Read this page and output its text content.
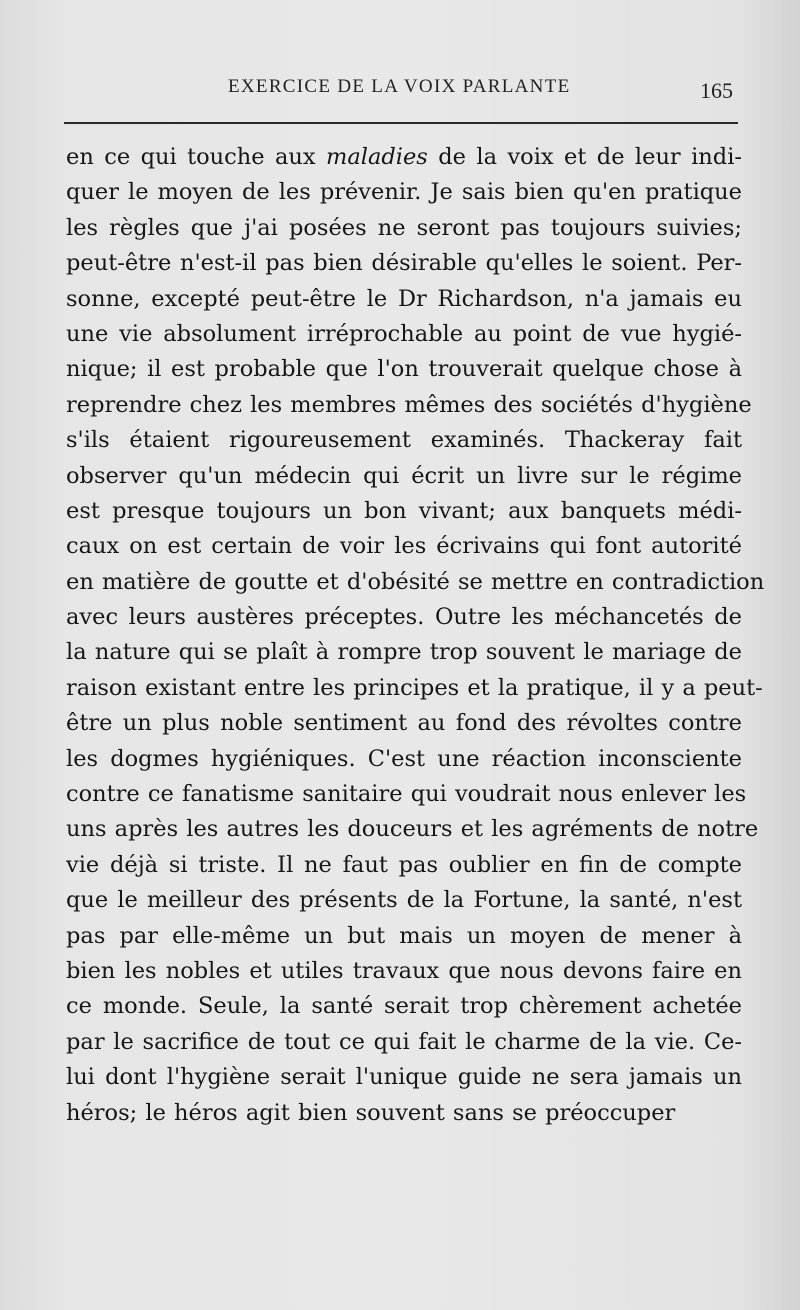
EXERCICE DE LA VOIX PARLANTE	165
en ce qui touche aux maladies de la voix et de leur indi-
quer le moyen de les prévenir. Je sais bien qu'en pratique
les règles que j'ai posées ne seront pas toujours suivies;
peut-être n'est-il pas bien désirable qu'elles le soient. Per-
sonne, excepté peut-être le Dr Richardson, n'a jamais eu
une vie absolument irréprochable au point de vue hygié-
nique; il est probable que l'on trouverait quelque chose à
reprendre chez les membres mêmes des sociétés d'hygiène
s'ils étaient rigoureusement examinés. Thackeray fait
observer qu'un médecin qui écrit un livre sur le régime
est presque toujours un bon vivant; aux banquets médi-
caux on est certain de voir les écrivains qui font autorité
en matière de goutte et d'obésité se mettre en contradiction
avec leurs austères préceptes. Outre les méchancetés de
la nature qui se plaît à rompre trop souvent le mariage de
raison existant entre les principes et la pratique, il y a peut-
être un plus noble sentiment au fond des révoltes contre
les dogmes hygiéniques. C'est une réaction inconsciente
contre ce fanatisme sanitaire qui voudrait nous enlever les
uns après les autres les douceurs et les agréments de notre
vie déjà si triste. Il ne faut pas oublier en fin de compte
que le meilleur des présents de la Fortune, la santé, n'est
pas par elle-même un but mais un moyen de mener à
bien les nobles et utiles travaux que nous devons faire en
ce monde. Seule, la santé serait trop chèrement achetée
par le sacrifice de tout ce qui fait le charme de la vie. Ce-
lui dont l'hygiène serait l'unique guide ne sera jamais un
héros; le héros agit bien souvent sans se préoccuper
